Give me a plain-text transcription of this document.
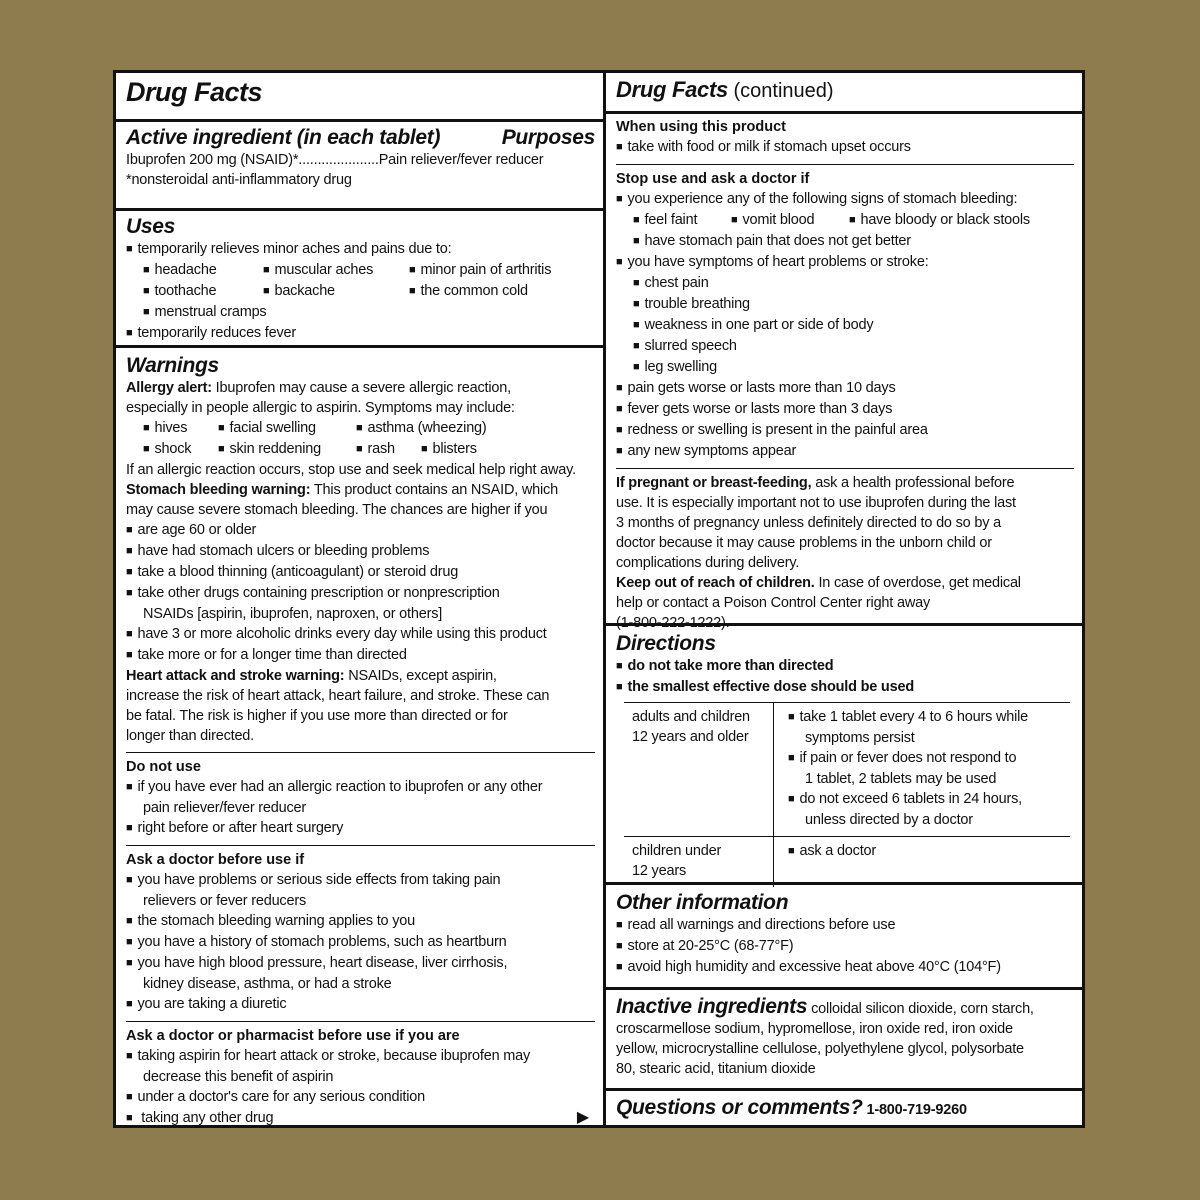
Drug Facts
Active ingredient (in each tablet)	Purposes
Ibuprofen 200 mg (NSAID)*.....................Pain reliever/fever reducer
*nonsteroidal anti-inflammatory drug
Uses
■ temporarily relieves minor aches and pains due to:
■ headache	■ muscular aches	■ minor pain of arthritis
■ toothache	■ backache	■ the common cold
■ menstrual cramps
■ temporarily reduces fever
Warnings
Allergy alert: Ibuprofen may cause a severe allergic reaction,
especially in people allergic to aspirin. Symptoms may include:
■ hives	■ facial swelling	■ asthma (wheezing)
■ shock	■ skin reddening	■ rash	■ blisters
If an allergic reaction occurs, stop use and seek medical help right away.
Stomach bleeding warning: This product contains an NSAID, which
may cause severe stomach bleeding. The chances are higher if you
■ are age 60 or older
■ have had stomach ulcers or bleeding problems
■ take a blood thinning (anticoagulant) or steroid drug
■ take other drugs containing prescription or nonprescription
NSAIDs [aspirin, ibuprofen, naproxen, or others]
■ have 3 or more alcoholic drinks every day while using this product
■ take more or for a longer time than directed
Heart attack and stroke warning: NSAIDs, except aspirin,
increase the risk of heart attack, heart failure, and stroke. These can
be fatal. The risk is higher if you use more than directed or for
longer than directed.
Do not use
■ if you have ever had an allergic reaction to ibuprofen or any other
pain reliever/fever reducer
■ right before or after heart surgery
Ask a doctor before use if
■ you have problems or serious side effects from taking pain
relievers or fever reducers
■ the stomach bleeding warning applies to you
■ you have a history of stomach problems, such as heartburn
■ you have high blood pressure, heart disease, liver cirrhosis,
kidney disease, asthma, or had a stroke
■ you are taking a diuretic
Ask a doctor or pharmacist before use if you are
■ taking aspirin for heart attack or stroke, because ibuprofen may
decrease this benefit of aspirin
■ under a doctor's care for any serious condition
■ taking any other drug	▶
Drug Facts (continued)
When using this product
■ take with food or milk if stomach upset occurs
Stop use and ask a doctor if
■ you experience any of the following signs of stomach bleeding:
■ feel faint	■ vomit blood	■ have bloody or black stools
■ have stomach pain that does not get better
■ you have symptoms of heart problems or stroke:
■ chest pain
■ trouble breathing
■ weakness in one part or side of body
■ slurred speech
■ leg swelling
■ pain gets worse or lasts more than 10 days
■ fever gets worse or lasts more than 3 days
■ redness or swelling is present in the painful area
■ any new symptoms appear
If pregnant or breast-feeding, ask a health professional before
use. It is especially important not to use ibuprofen during the last
3 months of pregnancy unless definitely directed to do so by a
doctor because it may cause problems in the unborn child or
complications during delivery.
Keep out of reach of children. In case of overdose, get medical
help or contact a Poison Control Center right away
(1-800-222-1222).
Directions
■ do not take more than directed
■ the smallest effective dose should be used
adults and children
12 years and older
■ take 1 tablet every 4 to 6 hours while
symptoms persist
■ if pain or fever does not respond to
1 tablet, 2 tablets may be used
■ do not exceed 6 tablets in 24 hours,
unless directed by a doctor
children under
12 years
■ ask a doctor
Other information
■ read all warnings and directions before use
■ store at 20-25°C (68-77°F)
■ avoid high humidity and excessive heat above 40°C (104°F)
Inactive ingredients colloidal silicon dioxide, corn starch,
croscarmellose sodium, hypromellose, iron oxide red, iron oxide
yellow, microcrystalline cellulose, polyethylene glycol, polysorbate
80, stearic acid, titanium dioxide
Questions or comments? 1-800-719-9260
